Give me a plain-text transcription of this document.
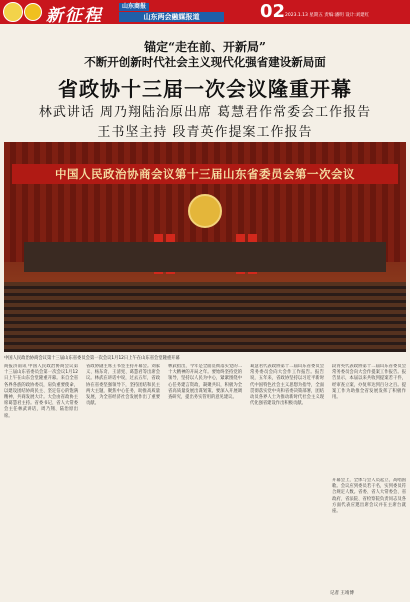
新征程	山东商报
山东两会融媒报道	02 2023.1.13 星期五 责编:潘明 设计:刘建红
锚定“走在前、开新局”
不断开创新时代社会主义现代化强省建设新局面
省政协十三届一次会议隆重开幕
林武讲话 周乃翔陆治原出席 葛慧君作常委会工作报告
王书坚主持 段青英作提案工作报告
中国人民政治协商会议第十三届山东省委员会第一次会议
中国人民政治协商会议第十三届山东省委员会第一次会议1月12日上午在山东省会堂隆重开幕
商报济南讯 中国人民政治协商会议第十三届山东省委员会第一次会议1月12日上午在山东会堂隆重开幕。来自全省各界各族的政协委员，肩负重要使命，以建设团结协商民主、坚定信心的饱满精神，共商发展大计。大会由省政协主席葛慧君主持。省委书记、省人大常委会主任林武讲话，周乃翔、陆治原出席。
省政协副主席王书坚主持开幕会。刘家义、杨东奇、王清宪、葛慧君等出席会议。林武在讲话中说，过去五年，省政协在省委坚强领导下，坚持团结和民主两大主题，聚焦中心任务，助推高质量发展，为全省经济社会发展作出了重要贡献。
林武指出，今年是全面贯彻落实党的二十大精神的开局之年。要始终坚持党的领导，坚持以人民为中心，紧紧围绕中心任务建言资政，凝聚共识，积极为全省高质量发展出谋划策。要深入开展调查研究，提出务实管用的意见建议。
葛慧君代表政协第十二届山东省委员会常务委员会向大会作工作报告。报告说，五年来，省政协坚持以习近平新时代中国特色社会主义思想为指导，全面贯彻落实党中央和省委决策部署，团结动员各界人士为推动新时代社会主义现代化强省建设作出积极贡献。
段青英代表政协第十二届山东省委员会常务委员会向大会作提案工作报告。报告显示，本届以来共收到提案若干件，经审查立案，办复率达到百分之百。提案工作为助推全省发展发挥了积极作用。
开幕会上，全体与会人员起立，高唱国歌。会议应到委员若干名，实到委员符合规定人数。省委、省人大常委会、省政府、省法院、省检察院负责同志及各方面代表应邀出席会议并在主席台就座。
记者 王靖博
